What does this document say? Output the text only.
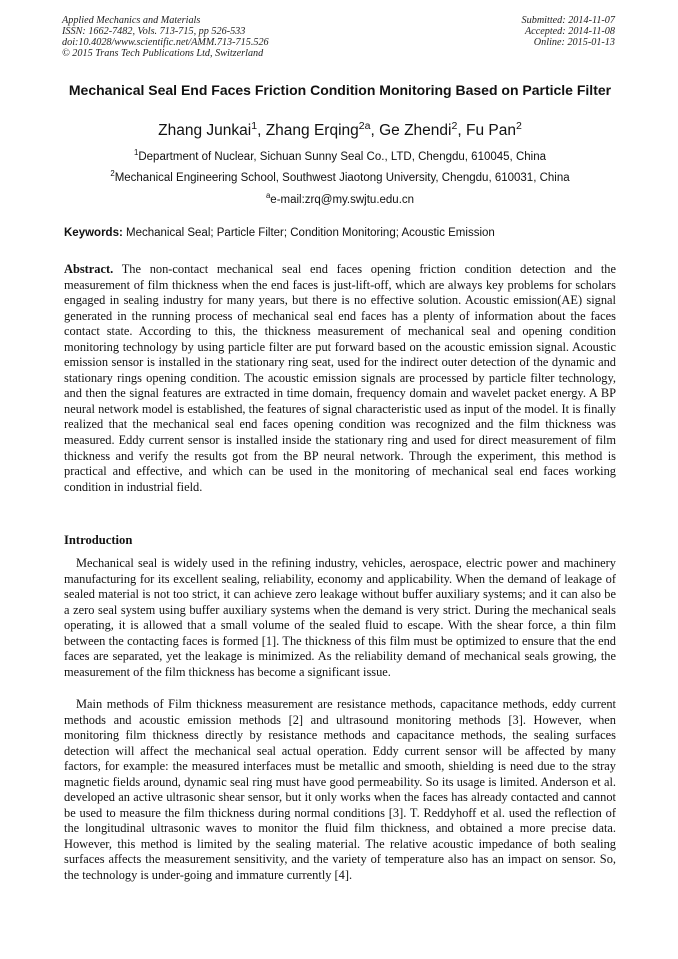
Applied Mechanics and Materials
ISSN: 1662-7482, Vols. 713-715, pp 526-533
doi:10.4028/www.scientific.net/AMM.713-715.526
© 2015 Trans Tech Publications Ltd, Switzerland
Submitted: 2014-11-07
Accepted: 2014-11-08
Online: 2015-01-13
Mechanical Seal End Faces Friction Condition Monitoring Based on Particle Filter
Zhang Junkai$^1$, Zhang Erqing$^{2a}$, Ge Zhendi$^2$, Fu Pan$^2$
$^1$Department of Nuclear, Sichuan Sunny Seal Co., LTD, Chengdu, 610045, China
$^2$Mechanical Engineering School, Southwest Jiaotong University, Chengdu, 610031, China
$^a$e-mail:zrq@my.swjtu.edu.cn
Keywords: Mechanical Seal; Particle Filter; Condition Monitoring; Acoustic Emission
Abstract. The non-contact mechanical seal end faces opening friction condition detection and the measurement of film thickness when the end faces is just-lift-off, which are always key problems for scholars engaged in sealing industry for many years, but there is no effective solution. Acoustic emission(AE) signal generated in the running process of mechanical seal end faces has a plenty of information about the faces contact state. According to this, the thickness measurement of mechanical seal and opening condition monitoring technology by using particle filter are put forward based on the acoustic emission signal. Acoustic emission sensor is installed in the stationary ring seat, used for the indirect outer detection of the dynamic and stationary rings opening condition. The acoustic emission signals are processed by particle filter technology, and then the signal features are extracted in time domain, frequency domain and wavelet packet energy. A BP neural network model is established, the features of signal characteristic used as input of the model. It is finally realized that the mechanical seal end faces opening condition was recognized and the film thickness was measured. Eddy current sensor is installed inside the stationary ring and used for direct measurement of film thickness and verify the results got from the BP neural network. Through the experiment, this method is practical and effective, and which can be used in the monitoring of mechanical seal end faces working condition in industrial field.
Introduction
Mechanical seal is widely used in the refining industry, vehicles, aerospace, electric power and machinery manufacturing for its excellent sealing, reliability, economy and applicability. When the demand of leakage of sealed material is not too strict, it can achieve zero leakage without buffer auxiliary systems; and it can also be a zero seal system using buffer auxiliary systems when the demand is very strict. During the mechanical seals operating, it is allowed that a small volume of the sealed fluid to escape. With the shear force, a thin film between the contacting faces is formed [1]. The thickness of this film must be optimized to ensure that the end faces are separated, yet the leakage is minimized. As the reliability demand of mechanical seals growing, the measurement of the film thickness has become a significant issue.
Main methods of Film thickness measurement are resistance methods, capacitance methods, eddy current methods and acoustic emission methods [2] and ultrasound monitoring methods [3]. However, when monitoring film thickness directly by resistance methods and capacitance methods, the sealing surfaces detection will affect the mechanical seal actual operation. Eddy current sensor will be affected by many factors, for example: the measured interfaces must be metallic and smooth, shielding is need due to the stray magnetic fields around, dynamic seal ring must have good permeability. So its usage is limited. Anderson et al. developed an active ultrasonic shear sensor, but it only works when the faces has already contacted and cannot be used to measure the film thickness during normal conditions [3]. T. Reddyhoff et al. used the reflection of the longitudinal ultrasonic waves to monitor the fluid film thickness, and obtained a more precise data. However, this method is limited by the sealing material. The relative acoustic impedance of both sealing surfaces affects the measurement sensitivity, and the variety of temperature also has an impact on sensor. So, the technology is under-going and immature currently [4].
